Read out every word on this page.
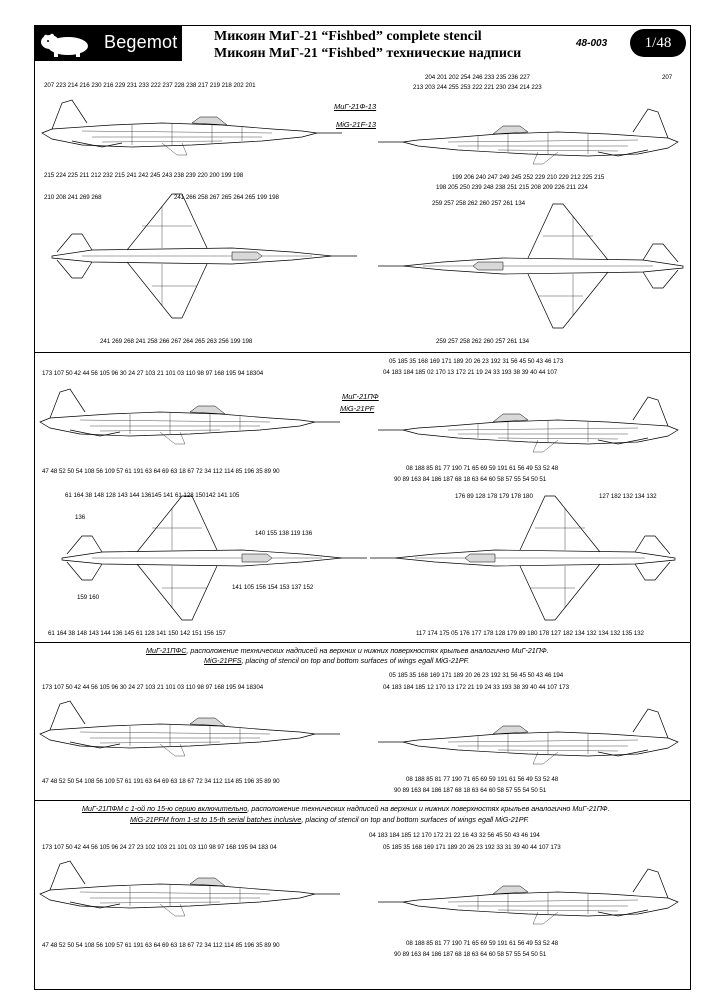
Begemot	Микоян МиГ-21 “Fishbed” complete stencil
Микоян МиГ-21 “Fishbed” технические надписи
48-003	1/48
207 223 214 216 230 216 229 231 233 222 237 228 238 217 219 218 202 201
215 224 225 211 212 232 215 241 242 245 243 238 239 220 200 199 198
МиГ-21Ф-13
MiG-21F-13
204 201 202 254 246 233 235 236 227
213 203 244 255 253 222 221 230 234 214 223
207
199 206 240 247 249 245 252 229 210 229 212 225 215
198 205 250 239 248 238 251 215 208 209 226 211 224
210 208 241 269 268	241 266 258 267 265 264 265 199 198
241 269 268 241 258 266 267 264 265 263 256 199 198
259 257 258 262 260 257 261 134
259 257 258 262 260 257 261 134
173 107 50 42 44 56 105 96 30 24 27 103 21 101 03 110 98 97 168 195 94 18304
47 48 52 50 54 108 56 109 57 61 191 63 64 69 63 18 67 72 34 112 114 85 196 35 89 90
МиГ-21ПФ
MiG-21PF
05 185 35 168 169 171 189 20 26 23 192 31 56 45 50 43 46 173
04 183 184 185 02 170 13 172 21 19 24 33 193 38 39 40 44 107
08 188 85 81 77 190 71 65 69 59 191 61 56 49 53 52 48
90 89 163 84 186 187 68 18 63 64 60 58 57 55 54 50 51
61 164 38 148 128 143 144 136145 141 61 128 150142 141 105
136
140 155 138 119 136
141 105 156 154 153 137 152
159 160
61 164 38 148 143 144 136 145 61 128 141 150 142 151 156 157
176 89 128 178 179 178 180	127 182 132 134 132
117 174 175 05 176 177 178 128 179 89 180 178 127 182 134 132 134 132 135 132
МиГ-21ПФС, расположение технических надписей на верхних и нижних поверхностях крыльев аналогично МиГ-21ПФ.
MiG-21PFS, placing of stencil on top and bottom surfaces of wings egall MiG-21PF.
173 107 50 42 44 56 105 96 30 24 27 103 21 101 03 110 98 97 168 195 94 18304
47 48 52 50 54 108 56 109 57 61 191 63 64 69 63 18 67 72 34 112 114 85 196 35 89 90
05 185 35 168 169 171 189 20 26 23 192 31 56 45 50 43 46 194
04 183 184 185 12 170 13 172 21 19 24 33 193 38 39 40 44 107 173
08 188 85 81 77 190 71 65 69 59 191 61 56 49 53 52 48
90 89 163 84 186 187 68 18 63 64 60 58 57 55 54 50 51
МиГ-21ПФМ с 1-ой по 15-ю серию включительно, расположение технических надписей на верхних и нижних поверхностях крыльев аналогично МиГ-21ПФ.
MiG-21PFM from 1-st to 15-th serial batches inclusive, placing of stencil on top and bottom surfaces of wings egall MiG-21PF.
173 107 50 42 44 56 105 96 24 27 23 102 103 21 101 03 110 98 97 168 195 94 183 04
47 48 52 50 54 108 56 109 57 61 191 63 64 69 63 18 67 72 34 112 114 85 196 35 89 90
04 183 184 185 12 170 172 21 22 16 43 32 56 45 50 43 46 194
05 185 35 168 169 171 189 20 26 23 192 33 31 39 40 44 107 173
08 188 85 81 77 190 71 65 69 59 191 61 56 49 53 52 48
90 89 163 84 186 187 68 18 63 64 60 58 57 55 54 50 51
